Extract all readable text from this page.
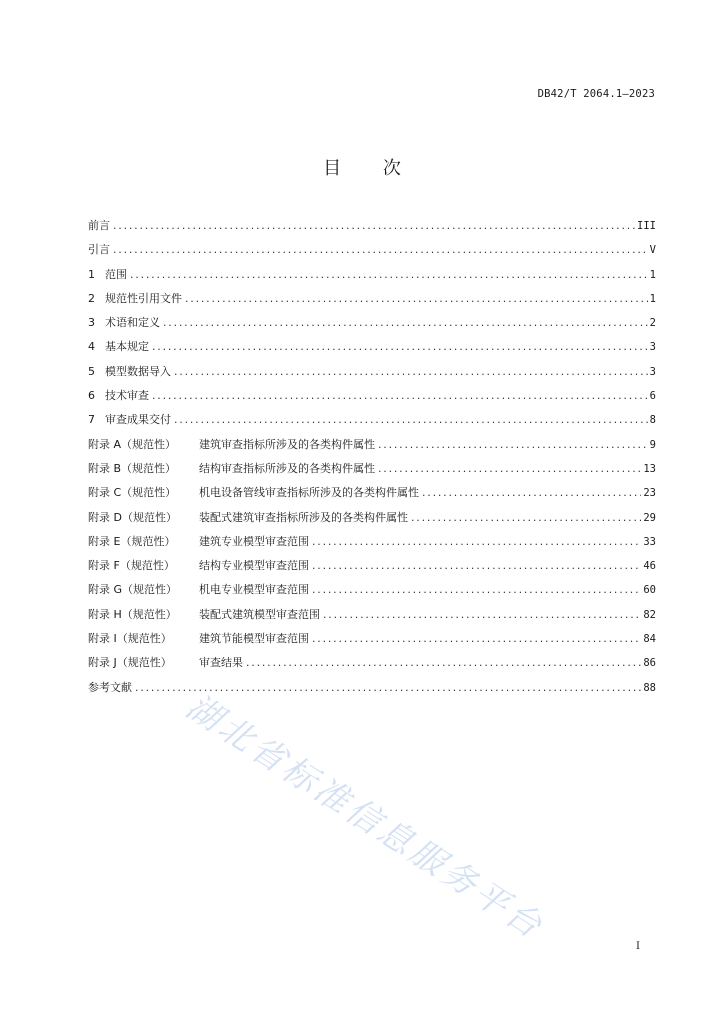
DB42/T 2064.1—2023
目 次
前言 .....	III
引言 .....	V
1 范围 .....	1
2 规范性引用文件 .....	1
3 术语和定义 .....	2
4 基本规定 .....	3
5 模型数据导入 .....	3
6 技术审查 .....	6
7 审查成果交付 .....	8
附录 A（规范性）	建筑审查指标所涉及的各类构件属性 .....	9
附录 B（规范性）	结构审查指标所涉及的各类构件属性 .....	13
附录 C（规范性）	机电设备管线审查指标所涉及的各类构件属性 .....	23
附录 D（规范性）	装配式建筑审查指标所涉及的各类构件属性 .....	29
附录 E（规范性）	建筑专业模型审查范围 .....	33
附录 F（规范性）	结构专业模型审查范围 .....	46
附录 G（规范性）	机电专业模型审查范围 .....	60
附录 H（规范性）	装配式建筑模型审查范围 .....	82
附录 I（规范性）	建筑节能模型审查范围 .....	84
附录 J（规范性）	审查结果 .....	86
参考文献 .....	88
湖北省标准信息服务平台	I
